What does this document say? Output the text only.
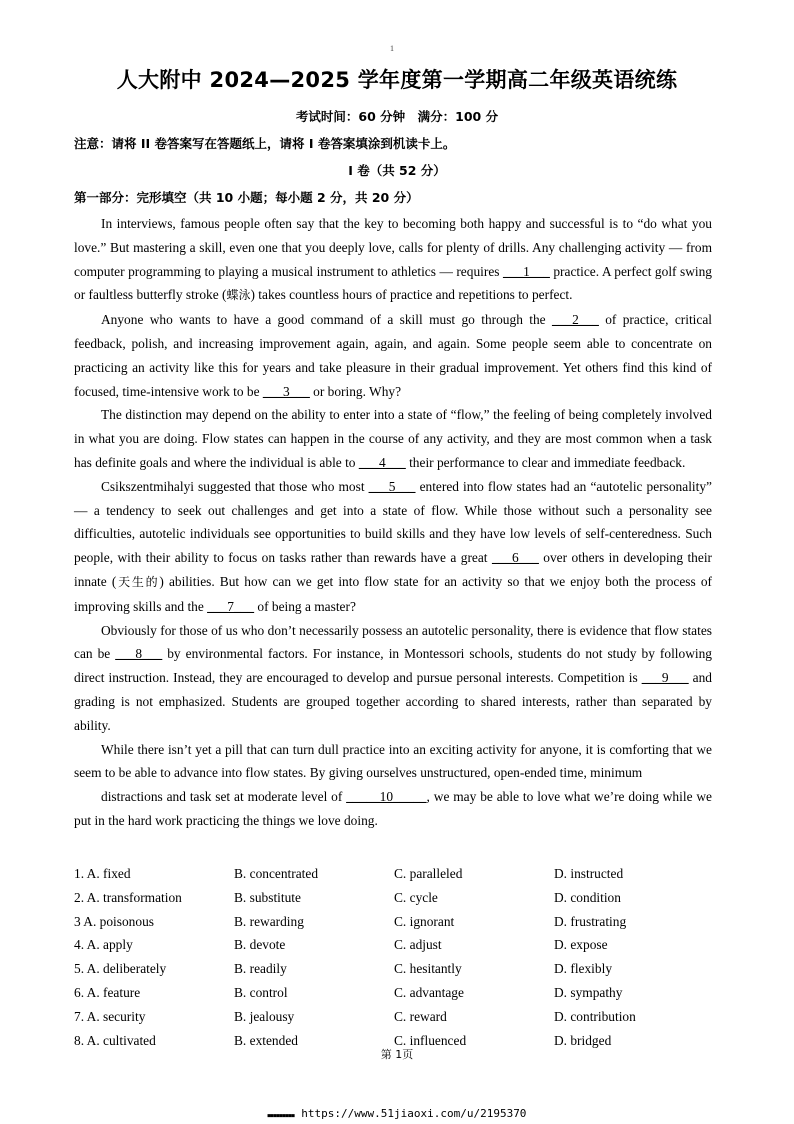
1
人大附中 2024—2025 学年度第一学期高二年级英语统练
考试时间：60 分钟　满分：100 分
注意：请将 II 卷答案写在答题纸上，请将 I 卷答案填涂到机读卡上。
I 卷（共 52 分）
第一部分：完形填空（共 10 小题；每小题 2 分，共 20 分）

In interviews, famous people often say that the key to becoming both happy and successful is to “do what you love.” But mastering a skill, even one that you deeply love, calls for plenty of drills. Any challenging activity — from computer programming to playing a musical instrument to athletics — requires ___1___ practice. A perfect golf swing or faultless butterfly stroke (蝶泳) takes countless hours of practice and repetitions to perfect.

Anyone who wants to have a good command of a skill must go through the ___2___ of practice, critical feedback, polish, and increasing improvement again, again, and again. Some people seem able to concentrate on practicing an activity like this for years and take pleasure in their gradual improvement. Yet others find this kind of focused, time-intensive work to be ___3___ or boring. Why?

The distinction may depend on the ability to enter into a state of “flow,” the feeling of being completely involved in what you are doing. Flow states can happen in the course of any activity, and they are most common when a task has definite goals and where the individual is able to ___4___ their performance to clear and immediate feedback.

Csikszentmihalyi suggested that those who most ___5___ entered into flow states had an “autotelic personality” — a tendency to seek out challenges and get into a state of flow. While those without such a personality see difficulties, autotelic individuals see opportunities to build skills and they have low levels of self-centeredness. Such people, with their ability to focus on tasks rather than rewards have a great ___6___ over others in developing their innate (天生的) abilities. But how can we get into flow state for an activity so that we enjoy both the process of improving skills and the ___7___ of being a master?

Obviously for those of us who don’t necessarily possess an autotelic personality, there is evidence that flow states can be ___8___ by environmental factors. For instance, in Montessori schools, students do not study by following direct instruction. Instead, they are encouraged to develop and pursue personal interests. Competition is ___9___ and grading is not emphasized. Students are grouped together according to shared interests, rather than separated by ability.

While there isn’t yet a pill that can turn dull practice into an exciting activity for anyone, it is comforting that we seem to be able to advance into flow states. By giving ourselves unstructured, open-ended time, minimum

distractions and task set at moderate level of _____10_____, we may be able to love what we’re doing while we put in the hard work practicing the things we love doing.

1. A. fixed	B. concentrated	C. paralleled	D. instructed
2. A. transformation	B. substitute	C. cycle	D. condition
3 A. poisonous	B. rewarding	C. ignorant	D. frustrating
4. A. apply	B. devote	C. adjust	D. expose
5. A. deliberately	B. readily	C. hesitantly	D. flexibly
6. A. feature	B. control	C. advantage	D. sympathy
7. A. security	B. jealousy	C. reward	D. contribution
8. A. cultivated	B. extended	C. influenced	D. bridged
第 1页
■■■■■■■■■ https://www.51jiaoxi.com/u/2195370
